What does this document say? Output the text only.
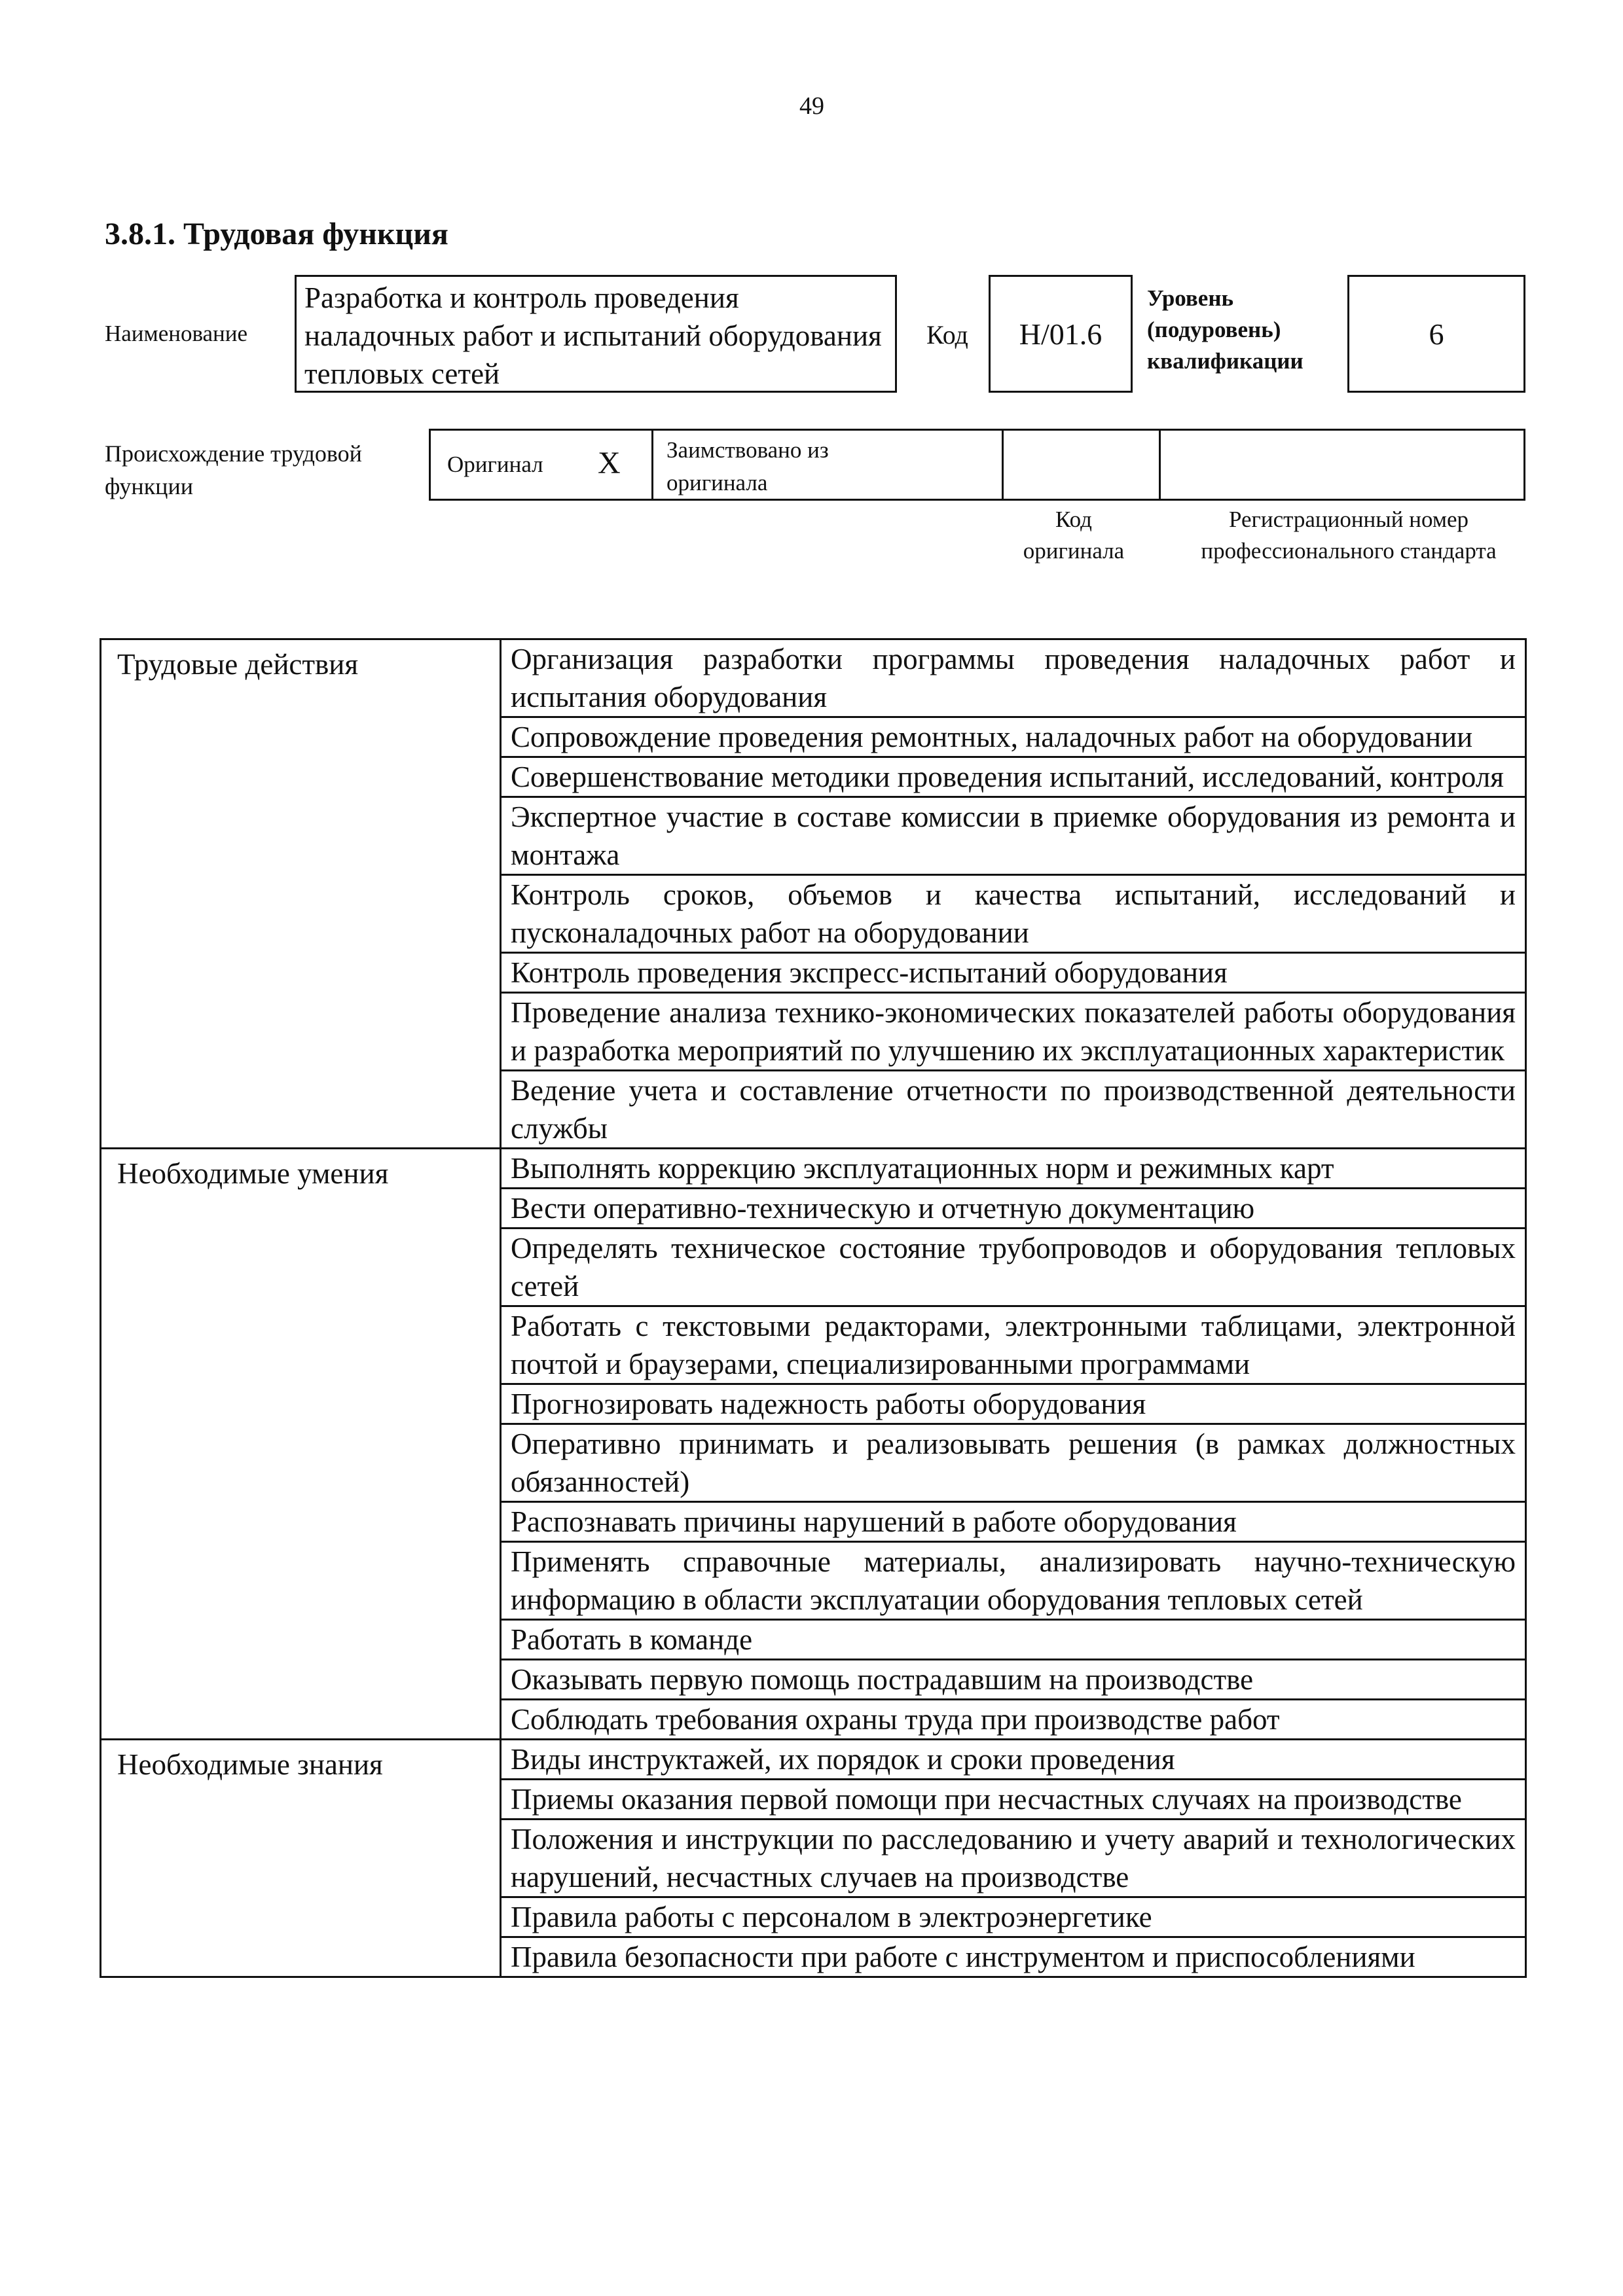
49
3.8.1. Трудовая функция
Наименование
Разработка и контроль проведения наладочных работ и испытаний оборудования тепловых сетей
Код	H/01.6
Уровень (подуровень) квалификации
6
Происхождение трудовой функции
Оригинал X Заимствовано из оригинала
Код оригинала
Регистрационный номер профессионального стандарта
Трудовые действия	Организация разработки программы проведения наладочных работ и испытания оборудования
	Сопровождение проведения ремонтных, наладочных работ на оборудовании
	Совершенствование методики проведения испытаний, исследований, контроля
	Экспертное участие в составе комиссии в приемке оборудования из ремонта и монтажа
	Контроль сроков, объемов и качества испытаний, исследований и пусконаладочных работ на оборудовании
	Контроль проведения экспресс-испытаний оборудования
	Проведение анализа технико-экономических показателей работы оборудования и разработка мероприятий по улучшению их эксплуатационных характеристик
	Ведение учета и составление отчетности по производственной деятельности службы

Необходимые умения	Выполнять коррекцию эксплуатационных норм и режимных карт
	Вести оперативно-техническую и отчетную документацию
	Определять техническое состояние трубопроводов и оборудования тепловых сетей
	Работать с текстовыми редакторами, электронными таблицами, электронной почтой и браузерами, специализированными программами
	Прогнозировать надежность работы оборудования
	Оперативно принимать и реализовывать решения (в рамках должностных обязанностей)
	Распознавать причины нарушений в работе оборудования
	Применять справочные материалы, анализировать научно-техническую информацию в области эксплуатации оборудования тепловых сетей
	Работать в команде
	Оказывать первую помощь пострадавшим на производстве
	Соблюдать требования охраны труда при производстве работ

Необходимые знания	Виды инструктажей, их порядок и сроки проведения
	Приемы оказания первой помощи при несчастных случаях на производстве
	Положения и инструкции по расследованию и учету аварий и технологических нарушений, несчастных случаев на производстве
	Правила работы с персоналом в электроэнергетике
	Правила безопасности при работе с инструментом и приспособлениями
